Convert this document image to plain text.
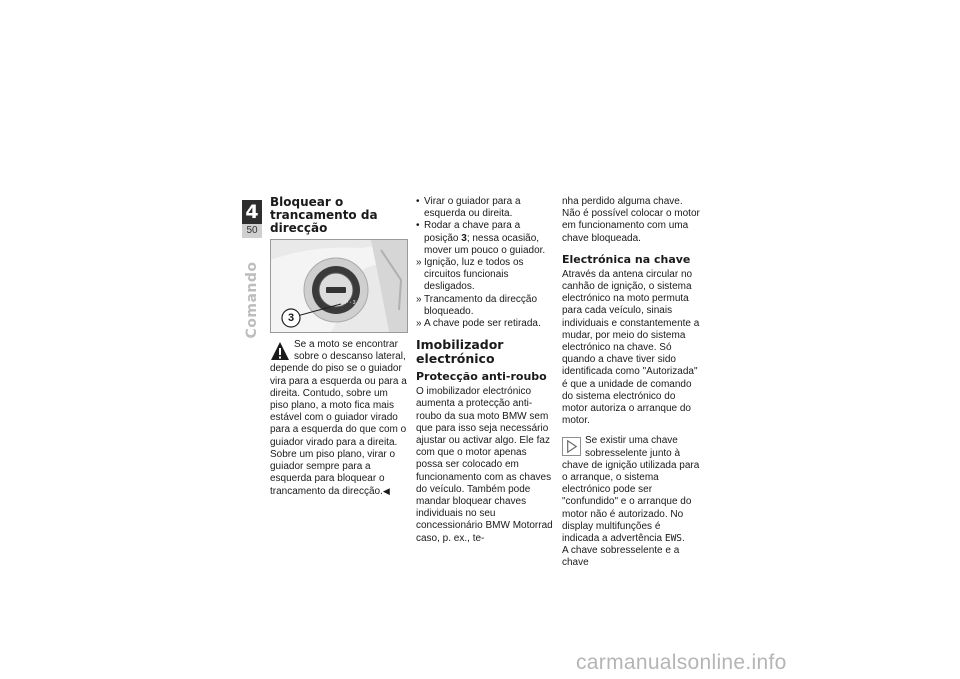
4
50
Comando
Bloquear o trancamento da direcção
P ◦ 3
3

Se a moto se encontrar sobre o descanso lateral, depende do piso se o guiador vira para a esquerda ou para a direita. Contudo, sobre um piso plano, a moto fica mais estável com o guiador virado para a esquerda do que com o guiador virado para a direita.

Sobre um piso plano, virar o guiador sempre para a esquerda para bloquear o trancamento da direcção.◀

• Virar o guiador para a esquerda ou direita.
• Rodar a chave para a posição 3; nessa ocasião, mover um pouco o guiador.
» Ignição, luz e todos os circuitos funcionais desligados.
» Trancamento da direcção bloqueado.
» A chave pode ser retirada.
Imobilizador electrónico
Protecção anti-roubo

O imobilizador electrónico aumenta a protecção anti-roubo da sua moto BMW sem que para isso seja necessário ajustar ou activar algo. Ele faz com que o motor apenas possa ser colocado em funcionamento com as chaves do veículo. Também pode mandar bloquear chaves individuais no seu concessionário BMW Motorrad caso, p. ex., te-

nha perdido alguma chave. Não é possível colocar o motor em funcionamento com uma chave bloqueada.

Electrónica na chave

Através da antena circular no canhão de ignição, o sistema electrónico na moto permuta para cada veículo, sinais individuais e constantemente a mudar, por meio do sistema electrónico na chave. Só quando a chave tiver sido identificada como "Autorizada" é que a unidade de comando do sistema electrónico do motor autoriza o arranque do motor.

Se existir uma chave sobresselente junto à chave de ignição utilizada para o arranque, o sistema electrónico pode ser "confundido" e o arranque do motor não é autorizado. No display multifunções é indicada a advertência EWS.

A chave sobresselente e a chave

carmanualsonline.info
